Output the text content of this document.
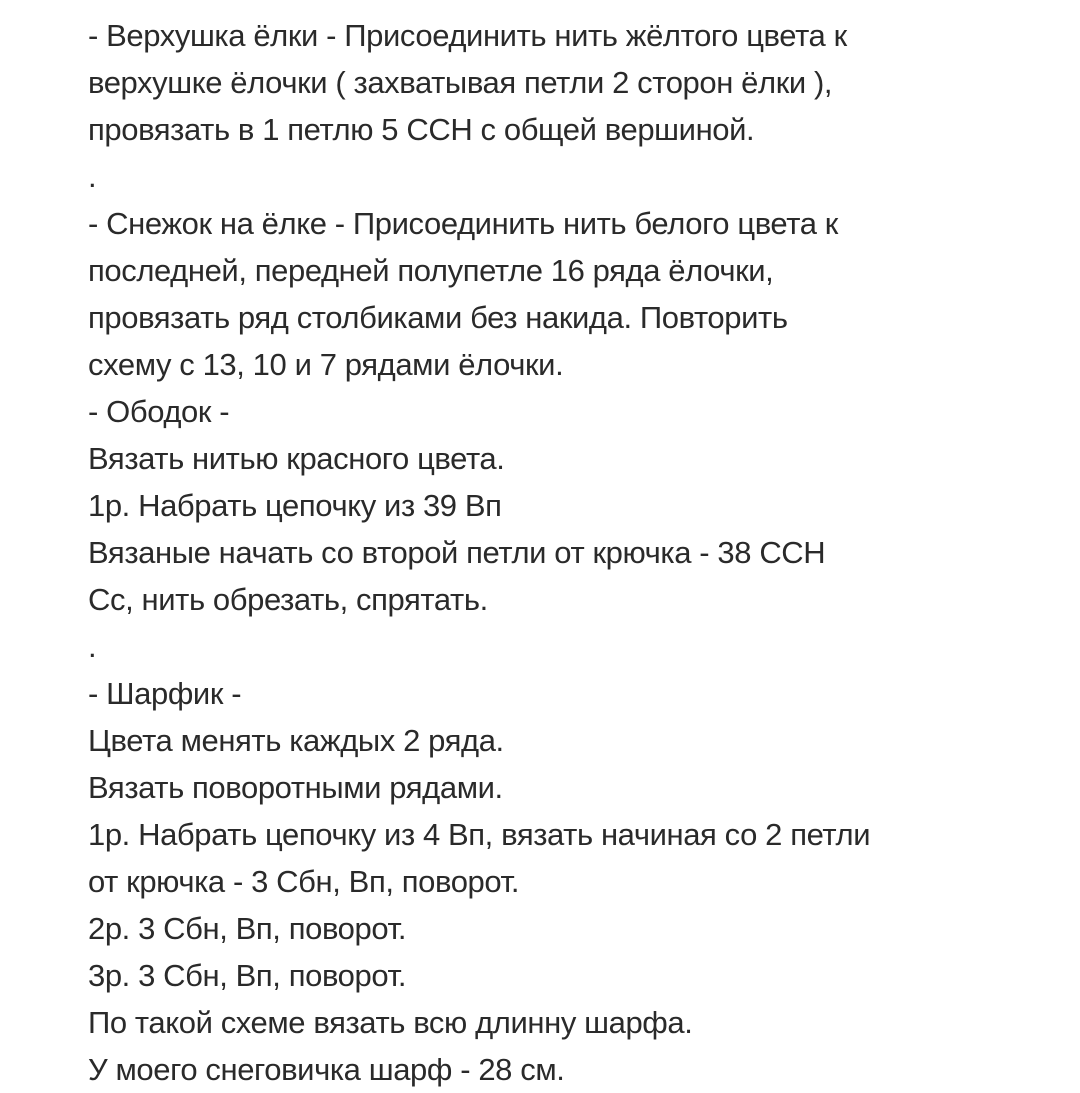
- Верхушка ёлки - Присоединить нить жёлтого цвета к

верхушке ёлочки ( захватывая петли 2 сторон ёлки ),

провязать в 1 петлю 5 ССН с общей вершиной.

.

- Снежок на ёлке - Присоединить нить белого цвета к

последней, передней полупетле 16 ряда ёлочки,

провязать ряд столбиками без накида. Повторить

схему с 13, 10 и 7 рядами ёлочки.

- Ободок -

Вязать нитью красного цвета.

1р. Набрать цепочку из 39 Вп

Вязаные начать со второй петли от крючка - 38 ССН

Сс, нить обрезать, спрятать.

.

- Шарфик -

Цвета менять каждых 2 ряда.

Вязать поворотными рядами.

1р. Набрать цепочку из 4 Вп, вязать начиная со 2 петли

от крючка - 3 Сбн, Вп, поворот.

2р. 3 Сбн, Вп, поворот.

3р. 3 Сбн, Вп, поворот.

По такой схеме вязать всю длинну шарфа.

У моего снеговичка шарф - 28 см.
